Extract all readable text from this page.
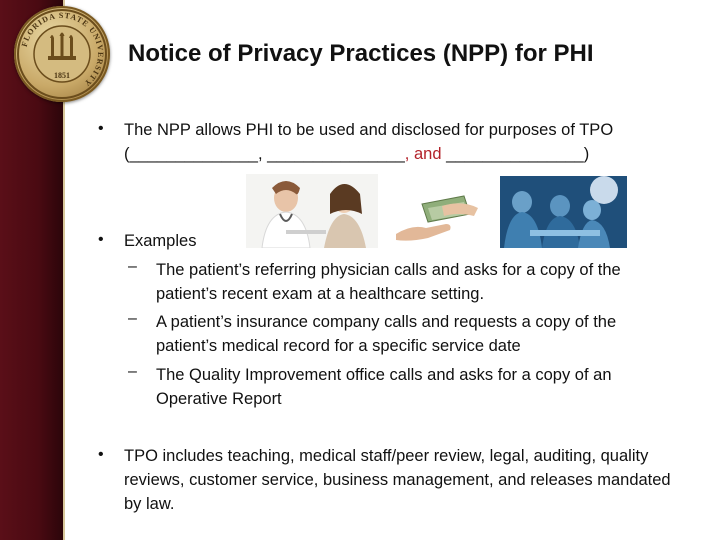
FLORIDA STATE UNIVERSITY
1851
Notice of Privacy Practices (NPP) for PHI
• The NPP allows PHI to be used and disclosed for purposes of TPO
(______________, _______________, and _______________)
• Examples
– The patient’s referring physician calls and asks for a copy of the patient’s recent exam at a healthcare setting.
– A patient’s insurance company calls and requests a copy of the patient’s medical record for a specific service date
– The Quality Improvement office calls and asks for a copy of an Operative Report
• TPO includes teaching, medical staff/peer review, legal, auditing, quality reviews, customer service, business management, and releases mandated by law.
